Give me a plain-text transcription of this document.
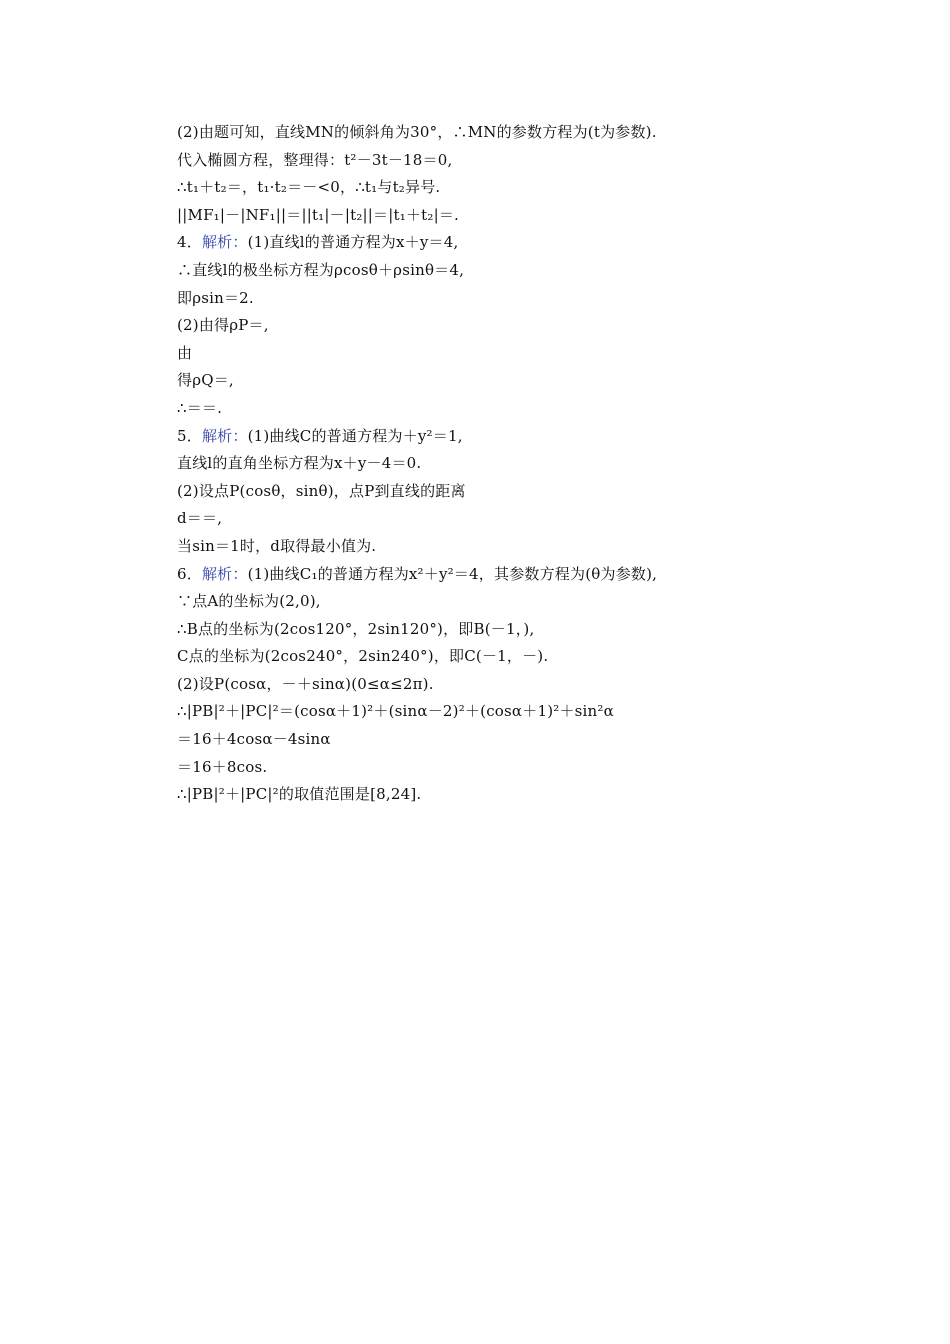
(2)由题可知，直线MN的倾斜角为30°，∴MN的参数方程为(t为参数).
代入椭圆方程，整理得：t²－3t－18＝0,
∴t₁＋t₂＝，t₁·t₂＝－<0，∴t₁与t₂异号.
||MF₁|－|NF₁||＝||t₁|－|t₂||＝|t₁＋t₂|＝.
4．解析：(1)直线l的普通方程为x＋y＝4,
∴直线l的极坐标方程为ρcosθ＋ρsinθ＝4,
即ρsin＝2.
(2)由得ρP＝,
由
得ρQ＝,
∴＝＝.
5．解析：(1)曲线C的普通方程为＋y²＝1,
直线l的直角坐标方程为x＋y－4＝0.
(2)设点P(cosθ，sinθ)，点P到直线的距离
d＝＝,
当sin＝1时，d取得最小值为.
6．解析：(1)曲线C₁的普通方程为x²＋y²＝4，其参数方程为(θ为参数),
∵点A的坐标为(2,0),
∴B点的坐标为(2cos120°，2sin120°)，即B(－1，),
C点的坐标为(2cos240°，2sin240°)，即C(－1，－).
(2)设P(cosα，－＋sinα)(0≤α≤2π).
∴|PB|²＋|PC|²＝(cosα＋1)²＋(sinα－2)²＋(cosα＋1)²＋sin²α
＝16＋4cosα－4sinα
＝16＋8cos.
∴|PB|²＋|PC|²的取值范围是[8,24].
